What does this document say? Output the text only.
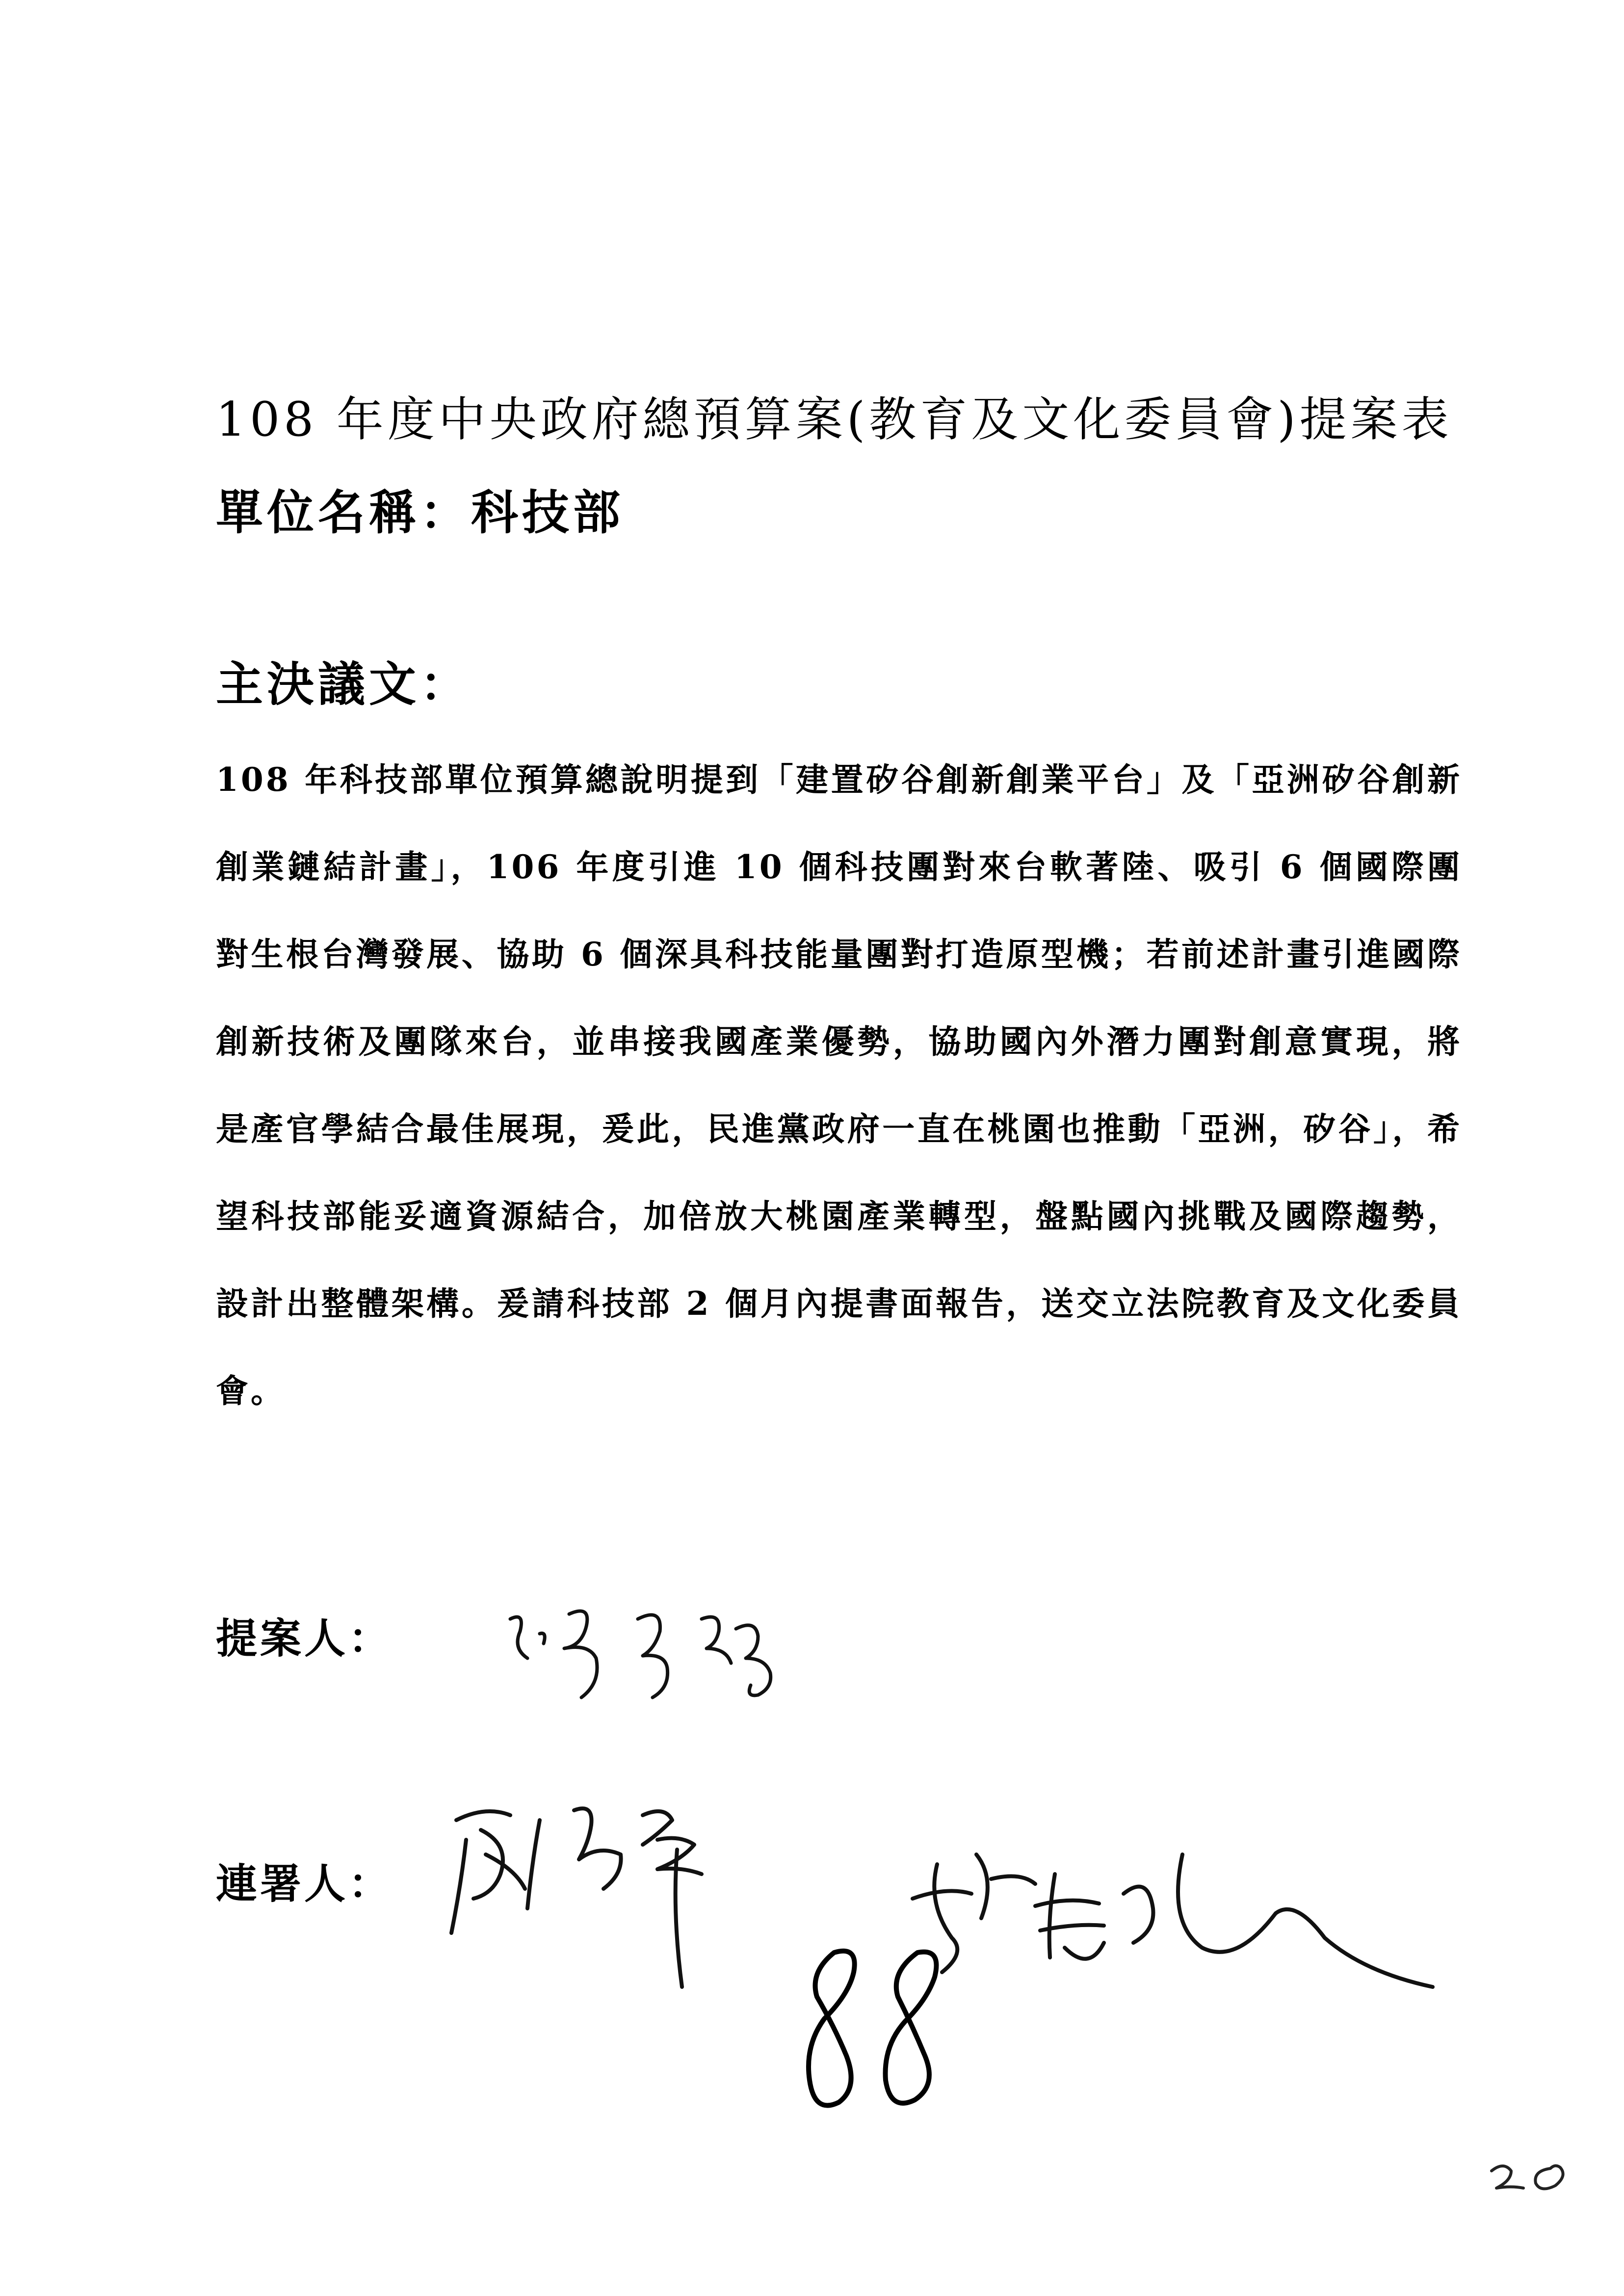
108 年度中央政府總預算案(教育及文化委員會)提案表
單位名稱：科技部
主決議文：

108 年科技部單位預算總說明提到「建置矽谷創新創業平台」及「亞洲矽谷創新創業鏈結計畫」，106 年度引進 10 個科技團對來台軟著陸、吸引 6 個國際團對生根台灣發展、協助 6 個深具科技能量團對打造原型機；若前述計畫引進國際創新技術及團隊來台，並串接我國產業優勢，協助國內外潛力團對創意實現，將是產官學結合最佳展現，爰此，民進黨政府一直在桃園也推動「亞洲，矽谷」，希望科技部能妥適資源結合，加倍放大桃園產業轉型，盤點國內挑戰及國際趨勢，設計出整體架構。爰請科技部 2 個月內提書面報告，送交立法院教育及文化委員會。

提案人：
連署人：
